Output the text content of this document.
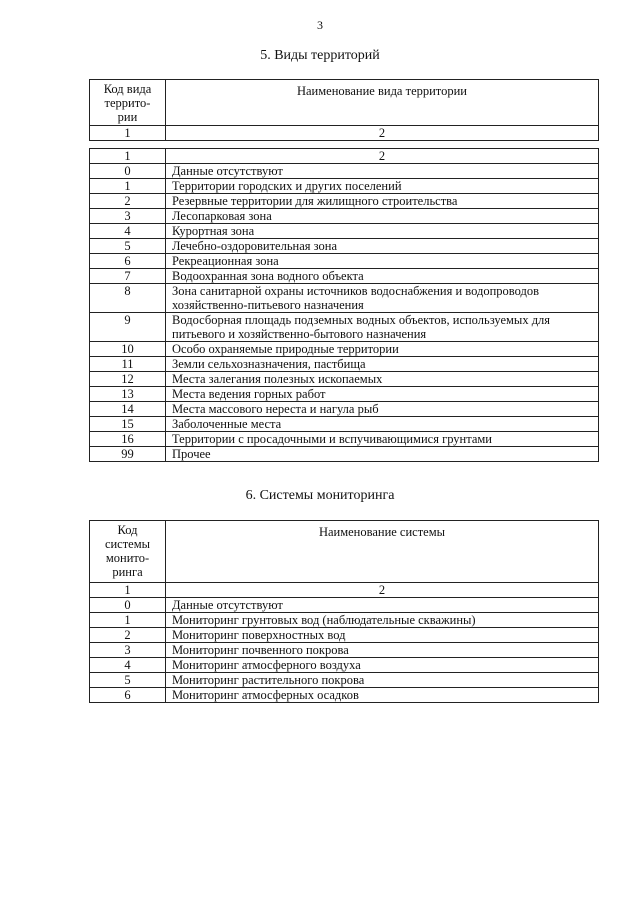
3
5. Виды территорий
Код вида террито-рии	Наименование вида территории
1	2
1	2
0	Данные отсутствуют
1	Территории городских и других поселений
2	Резервные территории для жилищного строительства
3	Лесопарковая зона
4	Курортная зона
5	Лечебно-оздоровительная зона
6	Рекреационная зона
7	Водоохранная зона водного объекта
8	Зона санитарной охраны источников водоснабжения и водопроводов хозяйственно-питьевого назначения
9	Водосборная площадь подземных водных объектов, используемых для питьевого и хозяйственно-бытового назначения
10	Особо охраняемые природные территории
11	Земли сельхозназначения, пастбища
12	Места залегания полезных ископаемых
13	Места ведения горных работ
14	Места массового нереста и нагула рыб
15	Заболоченные места
16	Территории с просадочными и вспучивающимися грунтами
99	Прочее
6. Системы мониторинга
Код системы монито-ринга	Наименование системы
1	2
0	Данные отсутствуют
1	Мониторинг грунтовых вод (наблюдательные скважины)
2	Мониторинг поверхностных вод
3	Мониторинг почвенного покрова
4	Мониторинг атмосферного воздуха
5	Мониторинг растительного покрова
6	Мониторинг атмосферных осадков
